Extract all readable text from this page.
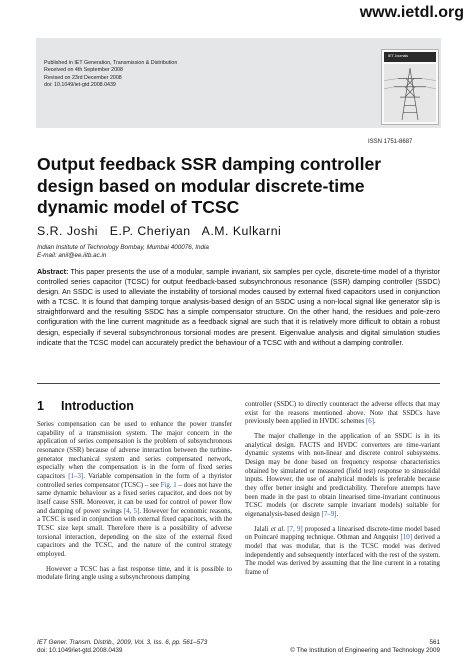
www.ietdl.org
Published in IET Generation, Transmission & Distribution
Received on 4th September 2008
Revised on 23rd December 2008
doi: 10.1049/iet-gtd.2008.0439
IET Journals
ISSN 1751-8687
Output feedback SSR damping controller design based on modular discrete-time dynamic model of TCSC
S.R. Joshi   E.P. Cheriyan   A.M. Kulkarni
Indian Institute of Technology Bombay, Mumbai 400076, India
E-mail: anil@ee.iitb.ac.in
Abstract: This paper presents the use of a modular, sample invariant, six samples per cycle, discrete-time model of a thyristor controlled series capacitor (TCSC) for output feedback-based subsynchronous resonance (SSR) damping controller (SSDC) design. An SSDC is used to alleviate the instability of torsional modes caused by external fixed capacitors used in conjunction with a TCSC. It is found that damping torque analysis-based design of an SSDC using a non-local signal like generator slip is straightforward and the resulting SSDC has a simple compensator structure. On the other hand, the residues and pole-zero configuration with the line current magnitude as a feedback signal are such that it is relatively more difficult to obtain a robust design, especially if several subsynchronous torsional modes are present. Eigenvalue analysis and digital simulation studies indicate that the TCSC model can accurately predict the behaviour of a TCSC with and without a damping controller.
1 Introduction

Series compensation can be used to enhance the power transfer capability of a transmission system. The major concern in the application of series compensation is the problem of subsynchronous resonance (SSR) because of adverse interaction between the turbine-generator mechanical system and series compensated network, especially when the compensation is in the form of fixed series capacitors [1–3]. Variable compensation in the form of a thyristor controlled series compensator (TCSC) – see Fig. 1 – does not have the same dynamic behaviour as a fixed series capacitor, and does not by itself cause SSR. Moreover, it can be used for control of power flow and damping of power swings [4, 5]. However for economic reasons, a TCSC is used in conjunction with external fixed capacitors, with the TCSC size kept small. Therefore there is a possibility of adverse torsional interaction, depending on the size of the external fixed capacitors and the TCSC, and the nature of the control strategy employed.

However a TCSC has a fast response time, and it is possible to modulate firing angle using a subsynchronous damping

controller (SSDC) to directly counteract the adverse effects that may exist for the reasons mentioned above. Note that SSDCs have previously been applied in HVDC schemes [6].

The major challenge in the application of an SSDC is in its analytical design. FACTS and HVDC converters are time-variant dynamic systems with non-linear and discrete control subsystems. Design may be done based on frequency response characteristics obtained by simulated or measured (field test) response to sinusoidal inputs. However, the use of analytical models is preferable because they offer better insight and predictability. Therefore attempts have been made in the past to obtain linearised time-invariant continuous TCSC models (or discrete sample invariant models) suitable for eigenanalysis-based design [7–9].

Jalali et al. [7, 9] proposed a linearised discrete-time model based on Poincaré mapping technique. Othman and Angquist [10] derived a model that was modular, that is the TCSC model was derived independently and subsequently interfaced with the rest of the system. The model was derived by assuming that the line current in a rotating frame of

IET Gener. Transm. Distrib., 2009, Vol. 3, Iss. 6, pp. 561–573
doi: 10.1049/iet-gtd.2008.0439
561
© The Institution of Engineering and Technology 2009
